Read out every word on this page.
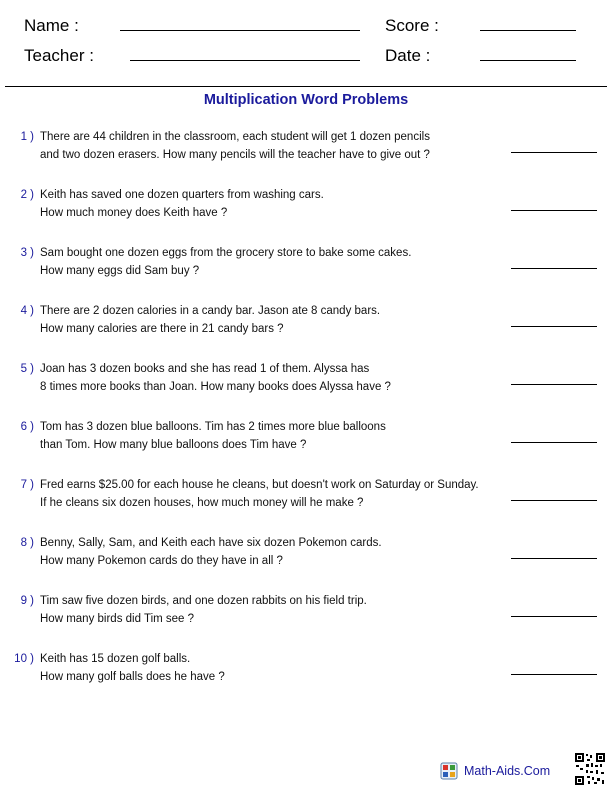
Name :	Score :
Teacher :	Date :
Multiplication Word Problems
1 ) There are 44 children in the classroom, each student will get 1 dozen pencils
and two dozen erasers. How many pencils will the teacher have to give out ?
2 ) Keith has saved one dozen quarters from washing cars.
How much money does Keith have ?
3 ) Sam bought one dozen eggs from the grocery store to bake some cakes.
How many eggs did Sam buy ?
4 ) There are 2 dozen calories in a candy bar. Jason ate 8 candy bars.
How many calories are there in 21 candy bars ?
5 ) Joan has 3 dozen books and she has read 1 of them. Alyssa has
8 times more books than Joan. How many books does Alyssa have ?
6 ) Tom has 3 dozen blue balloons. Tim has 2 times more blue balloons
than Tom. How many blue balloons does Tim have ?
7 ) Fred earns $25.00 for each house he cleans, but doesn't work on Saturday or Sunday.
If he cleans six dozen houses, how much money will he make ?
8 ) Benny, Sally, Sam, and Keith each have six dozen Pokemon cards.
How many Pokemon cards do they have in all ?
9 ) Tim saw five dozen birds, and one dozen rabbits on his field trip.
How many birds did Tim see ?
10 ) Keith has 15 dozen golf balls.
How many golf balls does he have ?
Math-Aids.Com
